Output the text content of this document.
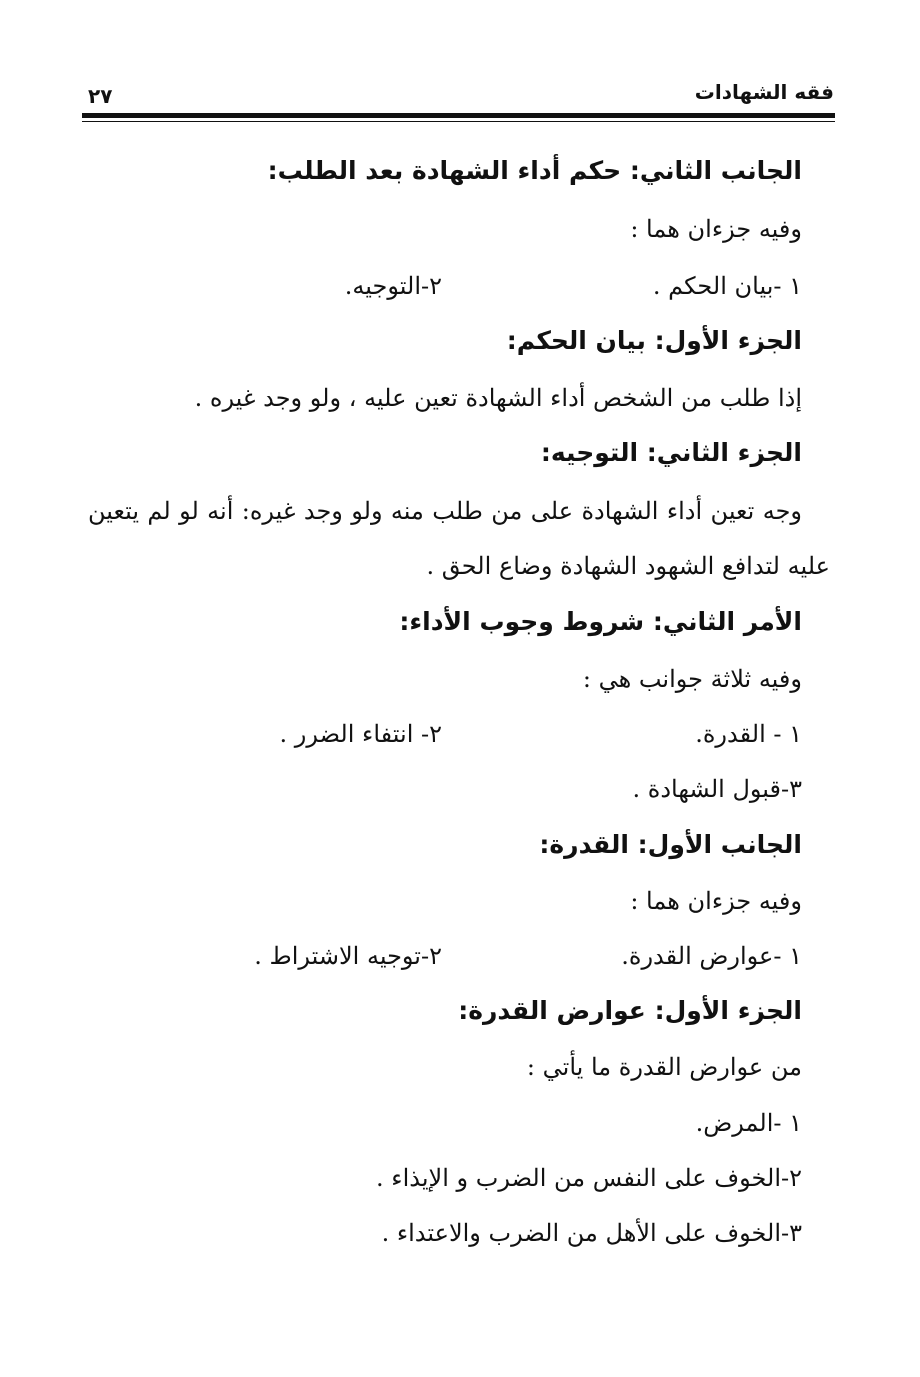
فقه الشهادات
٢٧
الجانب الثاني: حكم أداء الشهادة بعد الطلب:
وفيه جزءان هما :
١ -بيان الحكم .
٢-التوجيه.
الجزء الأول: بيان الحكم:
إذا طلب من الشخص أداء الشهادة تعين عليه ، ولو وجد غيره .
الجزء الثاني: التوجيه:
وجه تعين أداء الشهادة على من طلب منه ولو وجد غيره: أنه لو لم يتعين
عليه لتدافع الشهود الشهادة وضاع الحق .
الأمر الثاني: شروط وجوب الأداء:
وفيه ثلاثة جوانب هي :
١ - القدرة.
٢- انتفاء الضرر .
٣-قبول الشهادة .
الجانب الأول: القدرة:
وفيه جزءان هما :
١ -عوارض القدرة.
٢-توجيه الاشتراط .
الجزء الأول: عوارض القدرة:
من عوارض القدرة ما يأتي :
١ -المرض.
٢-الخوف على النفس من الضرب و الإيذاء .
٣-الخوف على الأهل من الضرب والاعتداء .
